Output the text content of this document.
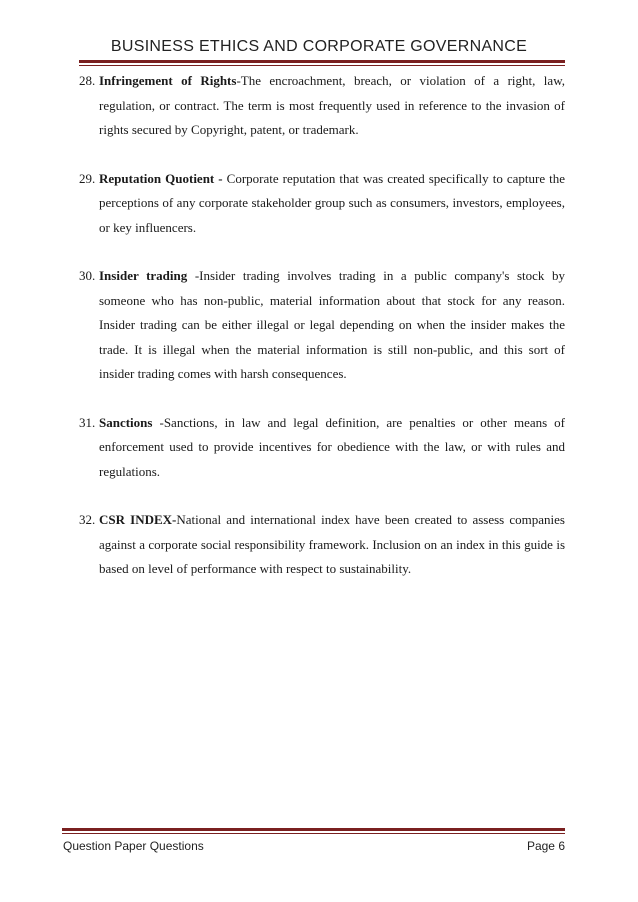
BUSINESS ETHICS AND CORPORATE GOVERNANCE
28. Infringement of Rights-The encroachment, breach, or violation of a right, law, regulation, or contract. The term is most frequently used in reference to the invasion of rights secured by Copyright, patent, or trademark.
29. Reputation Quotient - Corporate reputation that was created specifically to capture the perceptions of any corporate stakeholder group such as consumers, investors, employees, or key influencers.
30. Insider trading -Insider trading involves trading in a public company's stock by someone who has non-public, material information about that stock for any reason. Insider trading can be either illegal or legal depending on when the insider makes the trade. It is illegal when the material information is still non-public, and this sort of insider trading comes with harsh consequences.
31. Sanctions -Sanctions, in law and legal definition, are penalties or other means of enforcement used to provide incentives for obedience with the law, or with rules and regulations.
32. CSR INDEX-National and international index have been created to assess companies against a corporate social responsibility framework. Inclusion on an index in this guide is based on level of performance with respect to sustainability.
Question Paper Questions	Page 6
